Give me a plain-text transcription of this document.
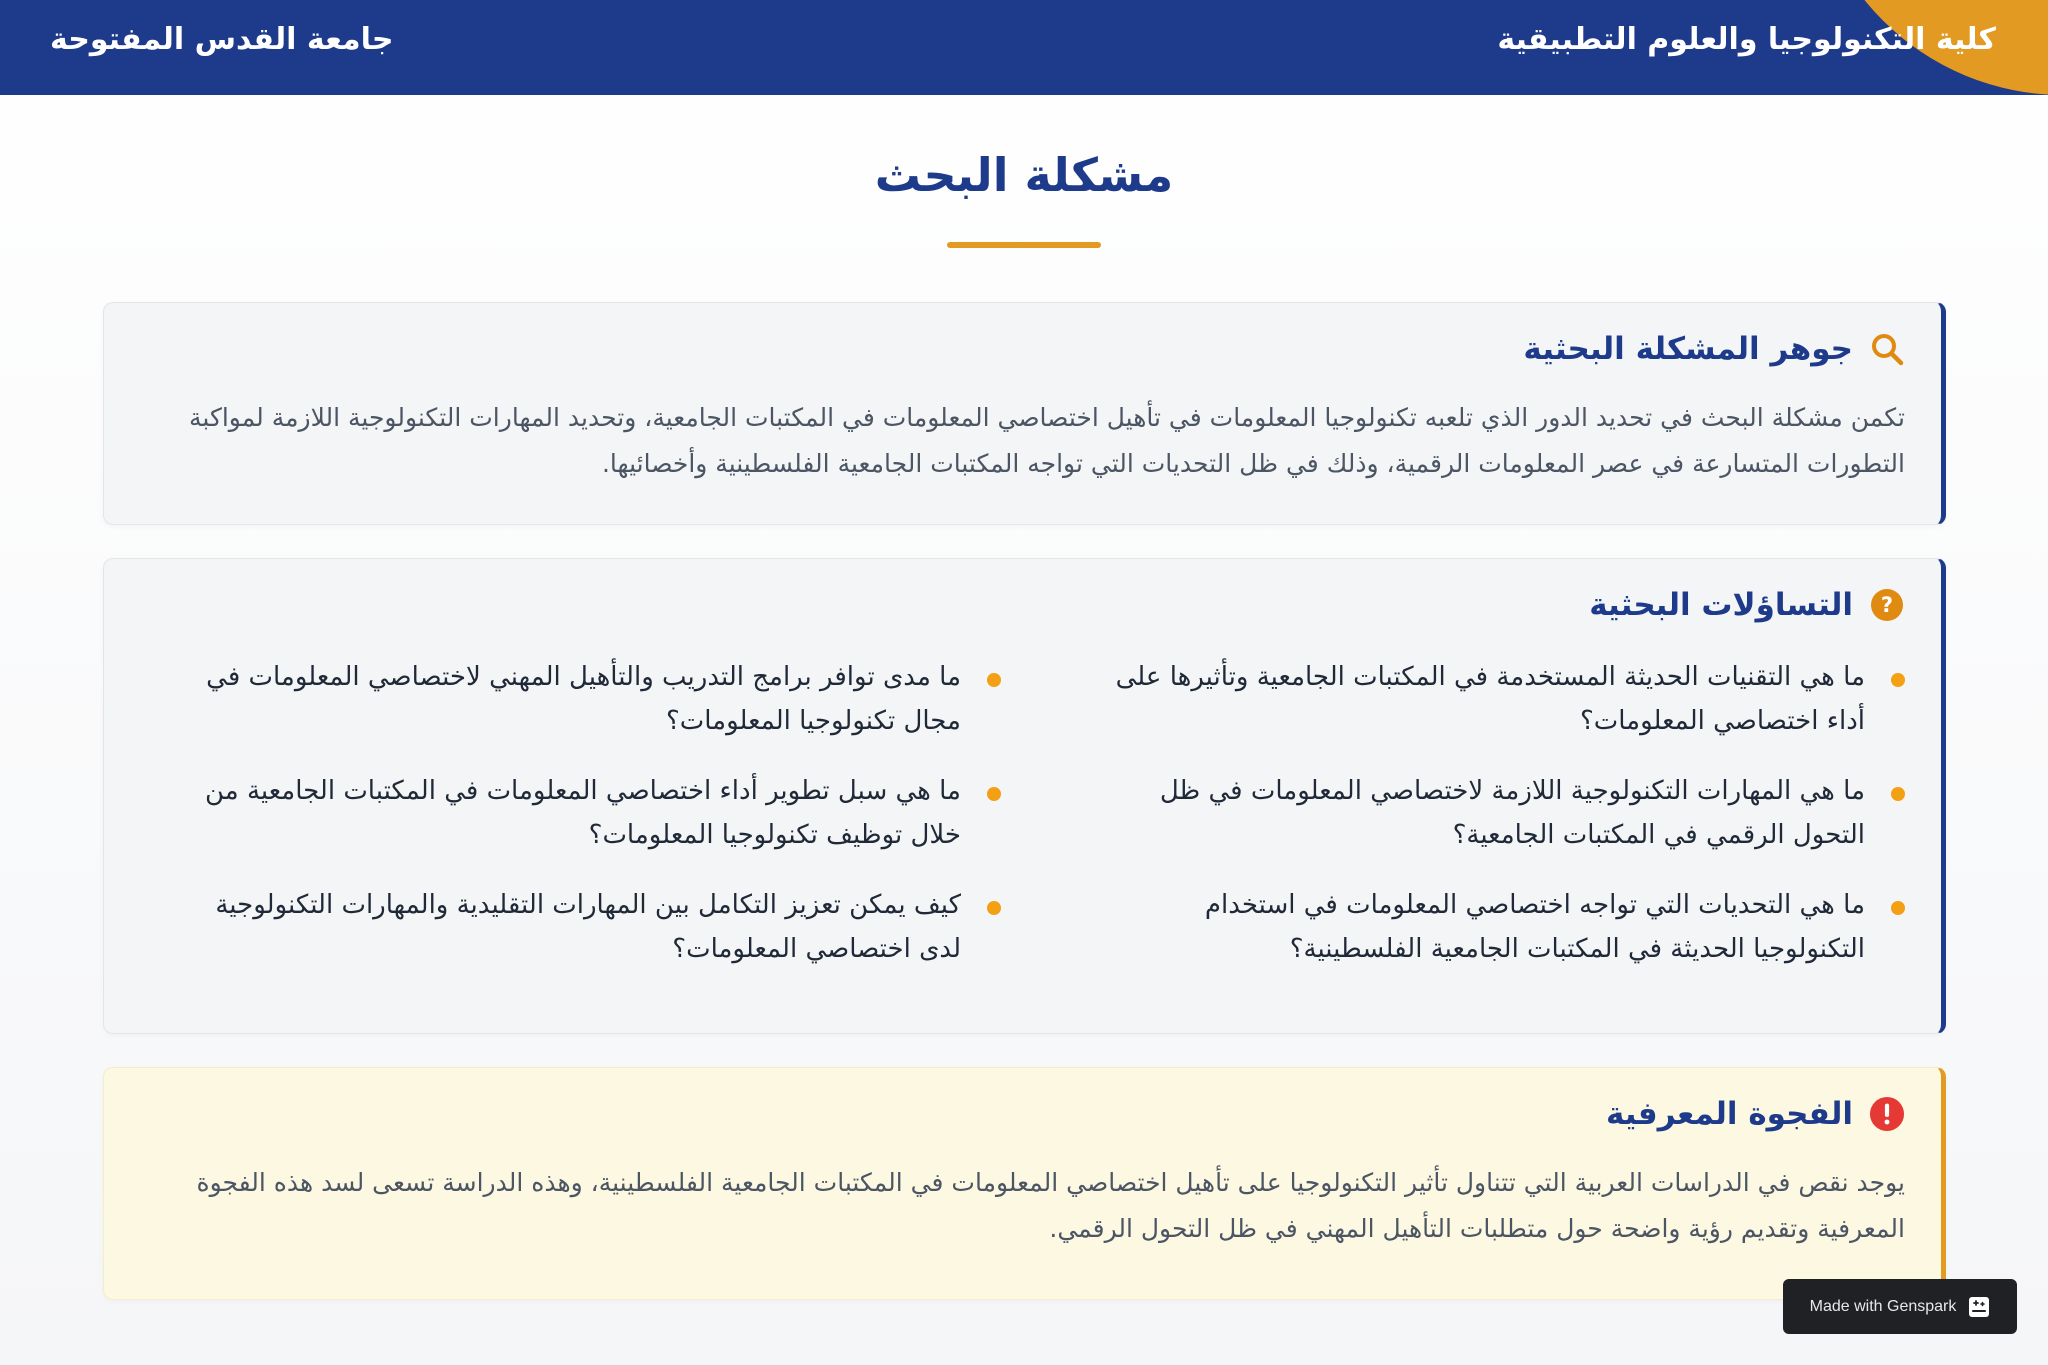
كلية التكنولوجيا والعلوم التطبيقية
جامعة القدس المفتوحة
مشكلة البحث
جوهر المشكلة البحثية

تكمن مشكلة البحث في تحديد الدور الذي تلعبه تكنولوجيا المعلومات في تأهيل اختصاصي المعلومات في المكتبات الجامعية، وتحديد المهارات التكنولوجية اللازمة لمواكبة التطورات المتسارعة في عصر المعلومات الرقمية، وذلك في ظل التحديات التي تواجه المكتبات الجامعية الفلسطينية وأخصائيها.

?
التساؤلات البحثية

ما هي التقنيات الحديثة المستخدمة في المكتبات الجامعية وتأثيرها على أداء اختصاصي المعلومات؟

ما هي المهارات التكنولوجية اللازمة لاختصاصي المعلومات في ظل التحول الرقمي في المكتبات الجامعية؟

ما هي التحديات التي تواجه اختصاصي المعلومات في استخدام التكنولوجيا الحديثة في المكتبات الجامعية الفلسطينية؟

ما مدى توافر برامج التدريب والتأهيل المهني لاختصاصي المعلومات في مجال تكنولوجيا المعلومات؟

ما هي سبل تطوير أداء اختصاصي المعلومات في المكتبات الجامعية من خلال توظيف تكنولوجيا المعلومات؟

كيف يمكن تعزيز التكامل بين المهارات التقليدية والمهارات التكنولوجية لدى اختصاصي المعلومات؟

الفجوة المعرفية

يوجد نقص في الدراسات العربية التي تتناول تأثير التكنولوجيا على تأهيل اختصاصي المعلومات في المكتبات الجامعية الفلسطينية، وهذه الدراسة تسعى لسد هذه الفجوة المعرفية وتقديم رؤية واضحة حول متطلبات التأهيل المهني في ظل التحول الرقمي.

Made with Genspark
